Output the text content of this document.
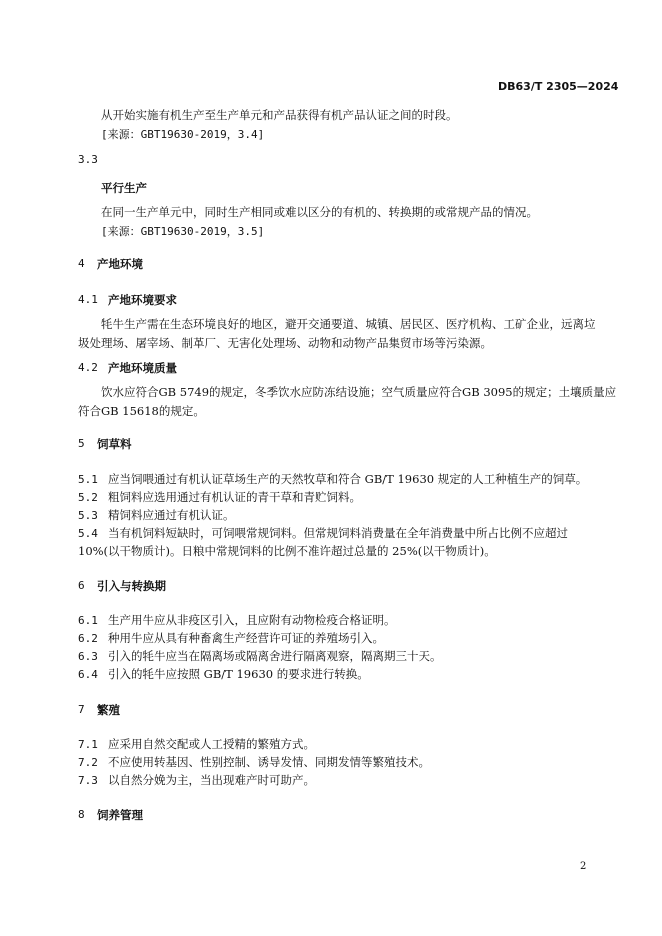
DB63/T 2305—2024
从开始实施有机生产至生产单元和产品获得有机产品认证之间的时段。
[来源：GBT19630-2019，3.4]
3.3
平行生产
在同一生产单元中，同时生产相同或难以区分的有机的、转换期的或常规产品的情况。
[来源：GBT19630-2019，3.5]
4 产地环境
4.1 产地环境要求
牦牛生产需在生态环境良好的地区，避开交通要道、城镇、居民区、医疗机构、工矿企业，远离垃
圾处理场、屠宰场、制革厂、无害化处理场、动物和动物产品集贸市场等污染源。
4.2 产地环境质量
饮水应符合GB 5749的规定，冬季饮水应防冻结设施；空气质量应符合GB 3095的规定；土壤质量应
符合GB 15618的规定。
5 饲草料
5.1 应当饲喂通过有机认证草场生产的天然牧草和符合 GB/T 19630 规定的人工种植生产的饲草。
5.2 粗饲料应选用通过有机认证的青干草和青贮饲料。
5.3 精饲料应通过有机认证。
5.4 当有机饲料短缺时，可饲喂常规饲料。但常规饲料消费量在全年消费量中所占比例不应超过
10%(以干物质计)。日粮中常规饲料的比例不准许超过总量的 25%(以干物质计)。
6 引入与转换期
6.1 生产用牛应从非疫区引入，且应附有动物检疫合格证明。
6.2 种用牛应从具有种畜禽生产经营许可证的养殖场引入。
6.3 引入的牦牛应当在隔离场或隔离舍进行隔离观察，隔离期三十天。
6.4 引入的牦牛应按照 GB/T 19630 的要求进行转换。
7 繁殖
7.1 应采用自然交配或人工授精的繁殖方式。
7.2 不应使用转基因、性别控制、诱导发情、同期发情等繁殖技术。
7.3 以自然分娩为主，当出现难产时可助产。
8 饲养管理
2
